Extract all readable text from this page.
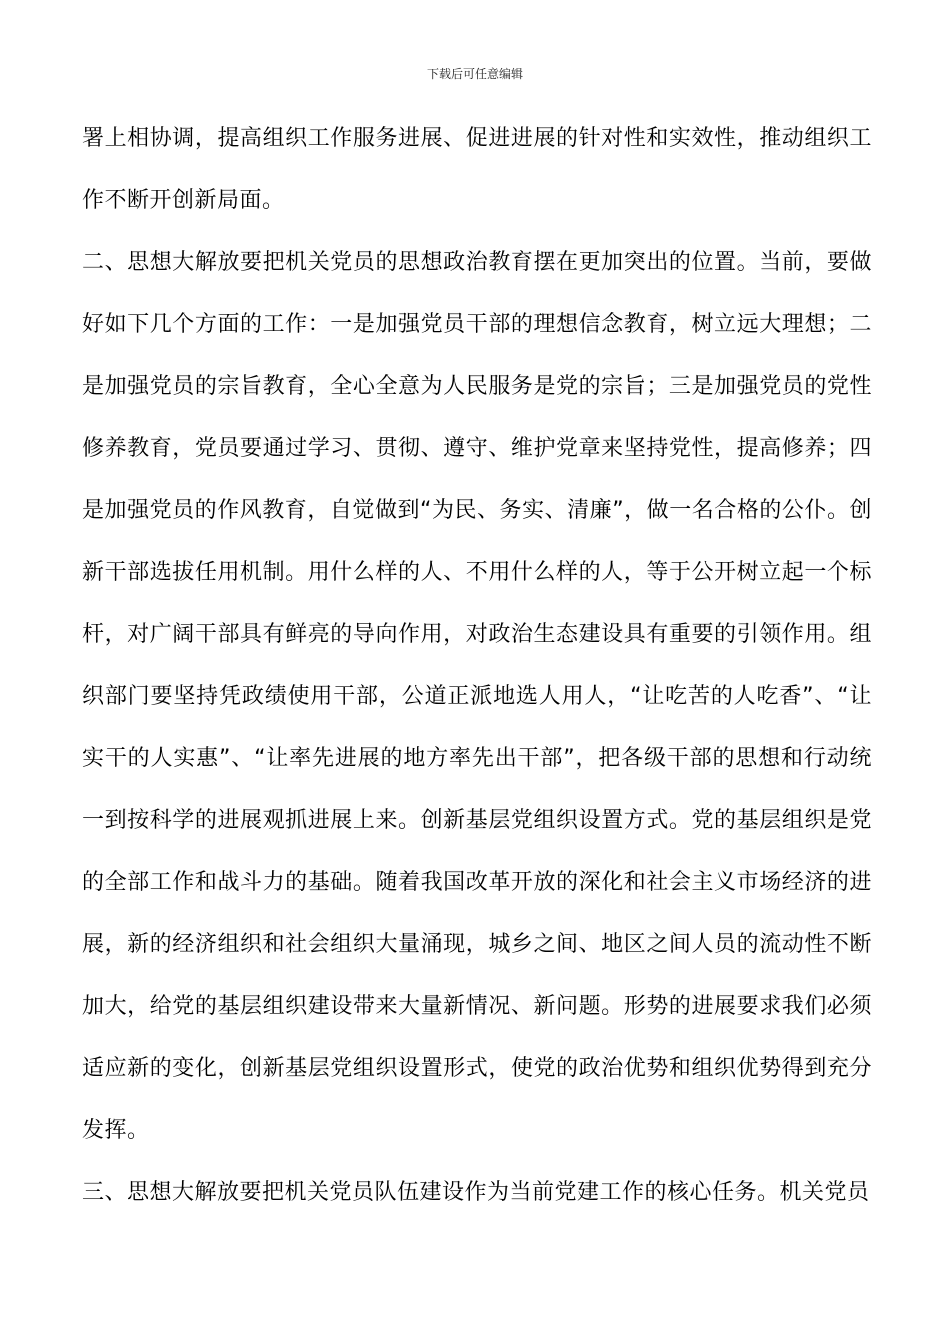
下载后可任意编辑

署上相协调，提高组织工作服务进展、促进进展的针对性和实效性，推动组织工作不断开创新局面。

二、思想大解放要把机关党员的思想政治教育摆在更加突出的位置。当前，要做好如下几个方面的工作：一是加强党员干部的理想信念教育，树立远大理想；二是加强党员的宗旨教育，全心全意为人民服务是党的宗旨；三是加强党员的党性修养教育，党员要通过学习、贯彻、遵守、维护党章来坚持党性，提高修养；四是加强党员的作风教育，自觉做到“为民、务实、清廉”，做一名合格的公仆。创新干部选拔任用机制。用什么样的人、不用什么样的人，等于公开树立起一个标杆，对广阔干部具有鲜亮的导向作用，对政治生态建设具有重要的引领作用。组织部门要坚持凭政绩使用干部，公道正派地选人用人，“让吃苦的人吃香”、“让实干的人实惠”、“让率先进展的地方率先出干部”，把各级干部的思想和行动统一到按科学的进展观抓进展上来。创新基层党组织设置方式。党的基层组织是党的全部工作和战斗力的基础。随着我国改革开放的深化和社会主义市场经济的进展，新的经济组织和社会组织大量涌现，城乡之间、地区之间人员的流动性不断加大，给党的基层组织建设带来大量新情况、新问题。形势的进展要求我们必须适应新的变化，创新基层党组织设置形式，使党的政治优势和组织优势得到充分发挥。

三、思想大解放要把机关党员队伍建设作为当前党建工作的核心任务。机关党员
